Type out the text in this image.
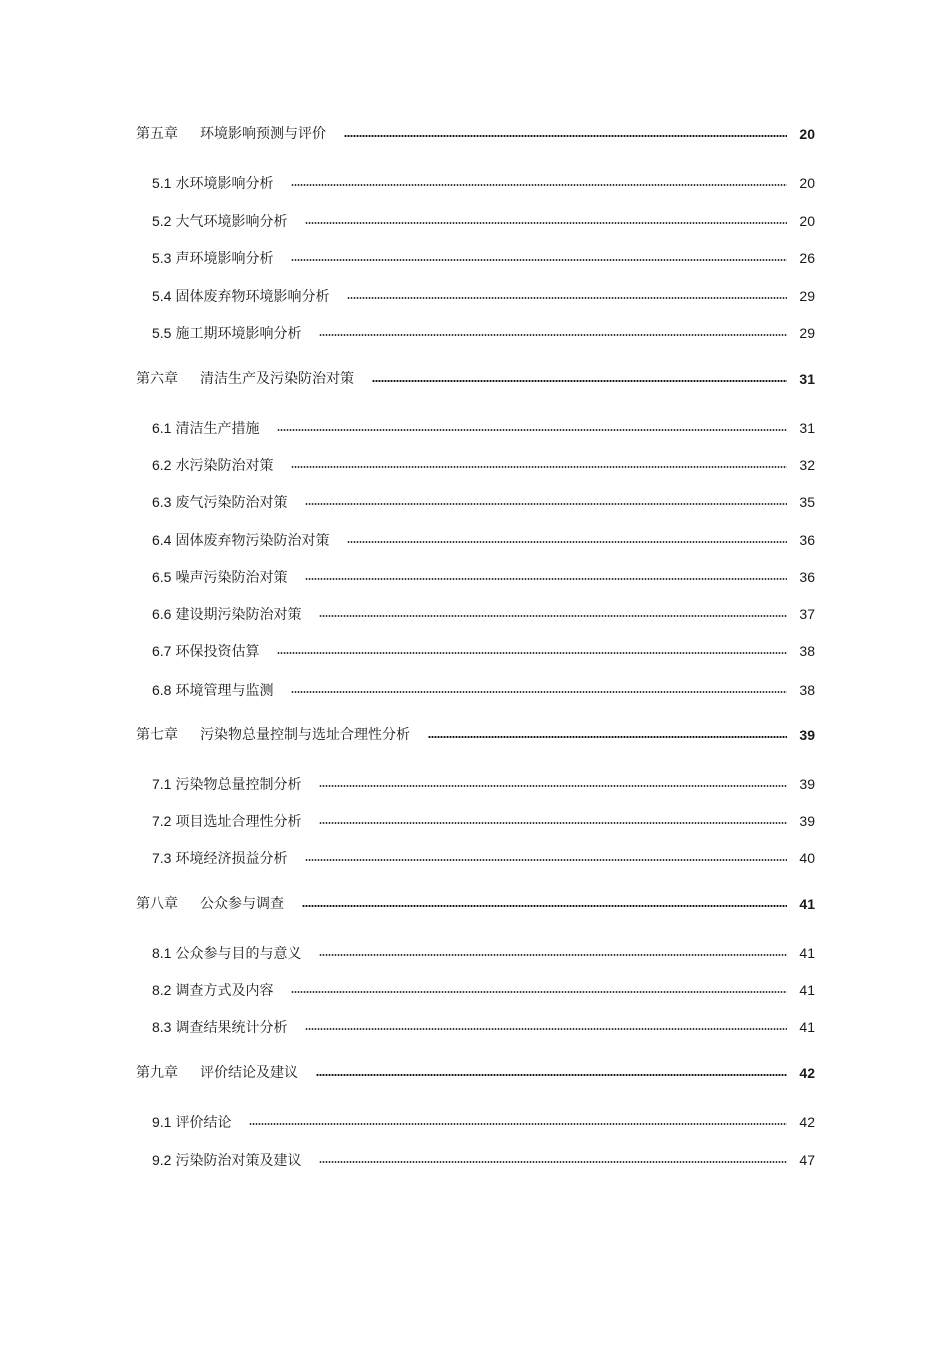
第五章 环境影响预测与评价	20
5.1 水环境影响分析	20
5.2 大气环境影响分析	20
5.3 声环境影响分析	26
5.4 固体废弃物环境影响分析	29
5.5 施工期环境影响分析	29
第六章 清洁生产及污染防治对策	31
6.1 清洁生产措施	31
6.2 水污染防治对策	32
6.3 废气污染防治对策	35
6.4 固体废弃物污染防治对策	36
6.5 噪声污染防治对策	36
6.6 建设期污染防治对策	37
6.7 环保投资估算	38
6.8 环境管理与监测	38
第七章 污染物总量控制与选址合理性分析	39
7.1 污染物总量控制分析	39
7.2 项目选址合理性分析	39
7.3 环境经济损益分析	40
第八章 公众参与调查	41
8.1 公众参与目的与意义	41
8.2 调查方式及内容	41
8.3 调查结果统计分析	41
第九章 评价结论及建议	42
9.1 评价结论	42
9.2 污染防治对策及建议	47
